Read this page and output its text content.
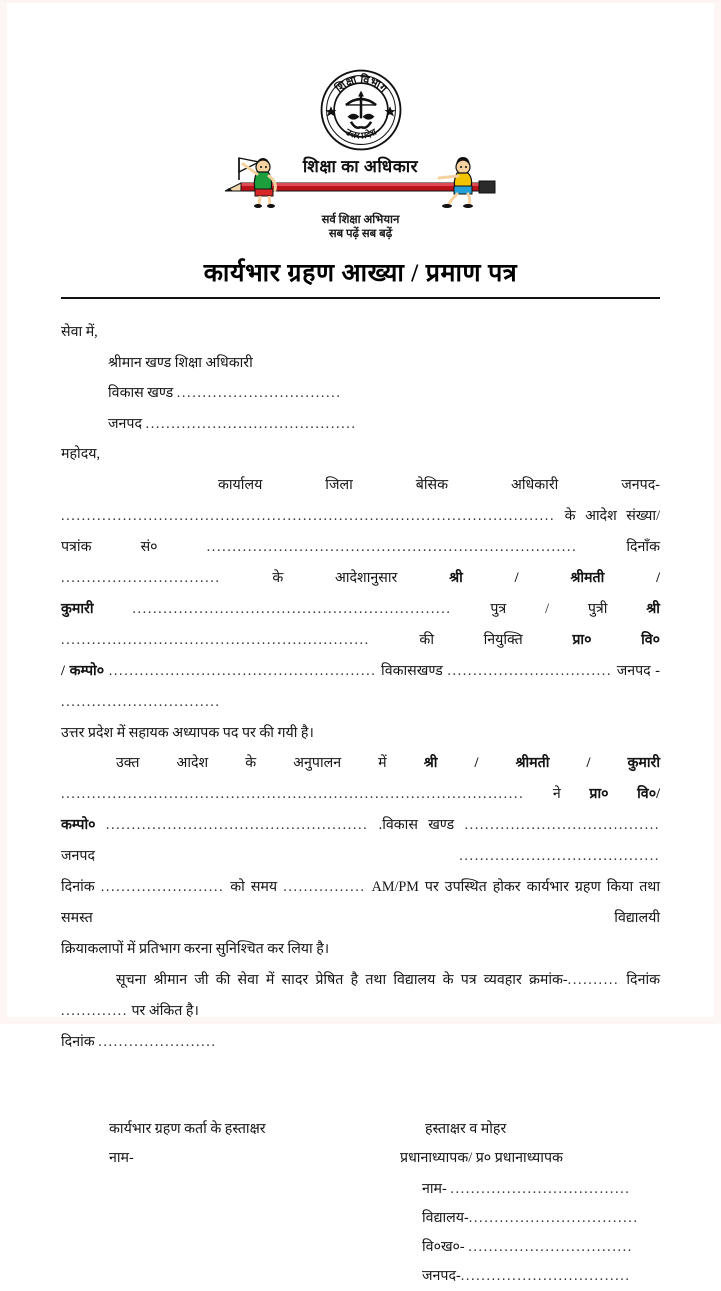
शिक्षा विभाग
उत्तर प्रदेश
शिक्षा का अधिकार
सर्व शिक्षा अभियान
सब पढ़ें सब बढ़ें
कार्यभार ग्रहण आख्या / प्रमाण पत्र
सेवा में,
श्रीमान खण्ड शिक्षा अधिकारी
विकास खण्ड ................................
जनपद .........................................
महोदय,
कार्यालय जिला बेसिक अधिकारी जनपद- ................................................................................................ के आदेश संख्या/
पत्रांक सं०	........................................................................	दिनाँक ...............................	के आदेशानुसार	श्री / श्रीमती /
कुमारी	..............................................................	पुत्र / पुत्री	श्री ............................................................	की नियुक्ति	प्रा० वि०
/ कम्पो० .................................................... विकासखण्ड ................................ जनपद - ...............................
उत्तर प्रदेश में सहायक अध्यापक पद पर की गयी है।
उक्त आदेश के अनुपालन में	श्री / श्रीमती / कुमारी .......................................................................................... ने प्रा० वि०/
कम्पो० ................................................... .विकास खण्ड ...................................... जनपद	.......................................
दिनांक ........................ को समय ................ AM/PM पर उपस्थित होकर कार्यभार ग्रहण किया तथा समस्त विद्यालयी
क्रियाकलापों में प्रतिभाग करना सुनिश्चित कर लिया है।
सूचना श्रीमान जी की सेवा में सादर प्रेषित है तथा विद्यालय के पत्र व्यवहार क्रमांक-.......... दिनांक ............. पर अंकित है।
दिनांक .......................
कार्यभार ग्रहण कर्ता के हस्ताक्षर
नाम-
हस्ताक्षर व मोहर
प्रधानाध्यापक/ प्र० प्रधानाध्यापक
नाम- ...................................
विद्यालय-.................................
वि०ख०- ................................
जनपद-.................................
